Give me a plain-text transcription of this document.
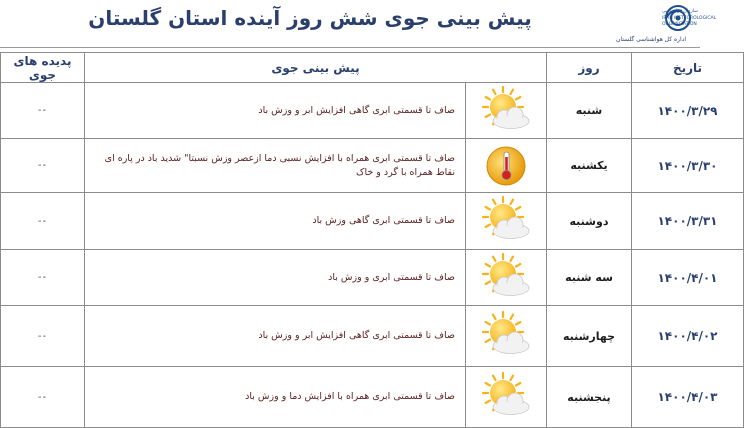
پیش بینی جوی شش روز آینده استان گلستان	سازمان هواشناسی
IRAN METEOROLOGICAL
ORGANIZATION
اداره کل هواشناسی گلستان
تاریخ	روز	پیش بینی جوی		پدیده های جوی
۱۴۰۰/۳/۲۹	شنبه		صاف تا قسمتی ابری گاهی افزایش ابر و وزش باد	--
۱۴۰۰/۳/۳۰	یکشنبه		صاف تا قسمتی ابری همراه با افزایش نسبی دما ازعصر وزش نسبتا" شدید باد در پاره ای نقاط همراه با گرد و خاک	--
۱۴۰۰/۳/۳۱	دوشنبه		صاف تا قسمتی ابری گاهی وزش باد	--
۱۴۰۰/۴/۰۱	سه شنبه		صاف تا قسمتی ابری و وزش باد	--
۱۴۰۰/۴/۰۲	چهارشنبه		صاف تا قسمتی ابری گاهی افزایش ابر و وزش باد	--
۱۴۰۰/۴/۰۳	پنجشنبه		صاف تا قسمتی ابری همراه با افزایش دما و وزش باد	--
